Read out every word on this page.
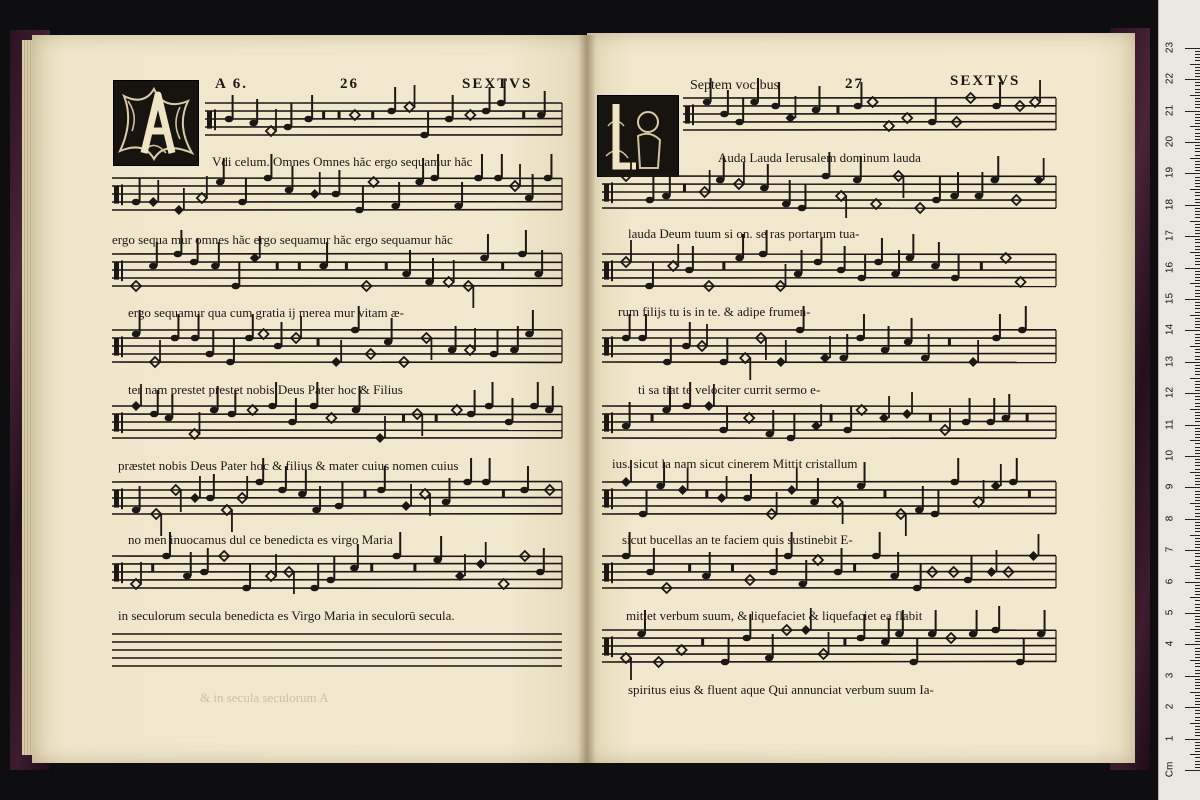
& in secula seculorum A

A 6.	26	SEXTVS	Septem vocibus	27	SEXTVS
Vdi celum. Omnes Omnes hăc ergo sequamur hăc
ergo sequa mur omnes hăc ergo sequamur hăc ergo sequamur hăc
ergo sequamur qua cum gratia ij merea mur vitam æ-
ter nam prestet prestet nobis Deus Pater hoc & Filius
præstet nobis Deus Pater hoc & filius & mater cuius nomen cuius
no men inuocamus dul ce benedicta es virgo Maria
in seculorum secula benedicta es Virgo Maria in seculorū secula.
Auda Lauda Ierusalem dominum lauda
lauda Deum tuum si on. se ras portarum tua-
rum filijs tu is in te. & adipe frumen-
ti sa tiat te velociter currit sermo e-
ius. sicut la nam sicut cinerem Mittit cristallum
sicut bucellas an te faciem quis sustinebit E-
mittet verbum suum, & liquefaciet & liquefaciet ea flabit
spiritus eius & fluent aque Qui annunciat verbum suum Ia-
Cm
1
2
3
4
5
6
7
8
9
10
11
12
13
14
15
16
17
18
19
20
21
22
23
